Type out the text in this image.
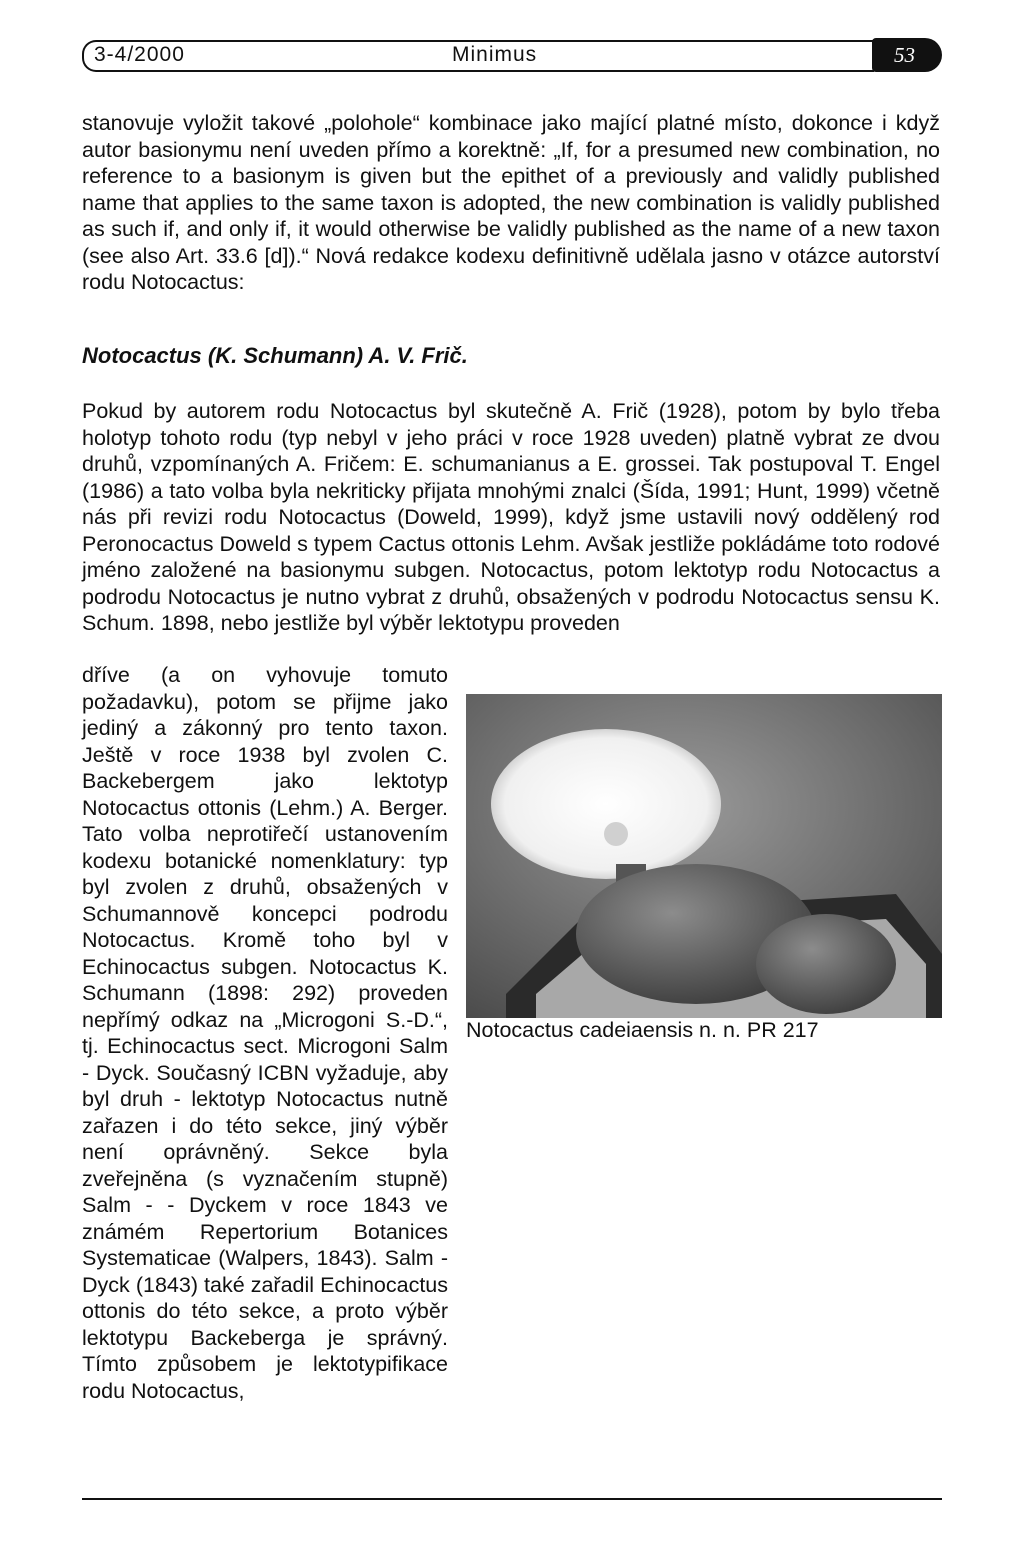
3-4/2000	Minimus	53
stanovuje vyložit takové „polohole“ kombinace jako mající platné místo, dokonce i když autor basionymu není uveden přímo a korektně: „If, for a presumed new combination, no reference to a basionym is given but the epithet of a previously and validly published name that applies to the same taxon is adopted, the new combination is validly published as such if, and only if, it would otherwise be validly published as the name of a new taxon (see also Art. 33.6 [d]).“ Nová redakce kodexu definitivně udělala jasno v otázce autorství rodu Notocactus:
Notocactus (K. Schumann) A. V. Frič.
Pokud by autorem rodu Notocactus byl skutečně A. Frič (1928), potom by bylo třeba holotyp tohoto rodu (typ nebyl v jeho práci v roce 1928 uveden) platně vybrat ze dvou druhů, vzpomínaných A. Fričem: E. schumanianus a E. grossei. Tak postupoval T. Engel (1986) a tato volba byla nekriticky přijata mnohými znalci (Šída, 1991; Hunt, 1999) včetně nás při revizi rodu Notocactus (Doweld, 1999), když jsme ustavili nový oddělený rod Peronocactus Doweld s typem Cactus ottonis Lehm. Avšak jestliže pokládáme toto rodové jméno založené na basionymu subgen. Notocactus, potom lektotyp rodu Notocactus a podrodu Notocactus je nutno vybrat z druhů, obsažených v podrodu Notocactus sensu K. Schum. 1898, nebo jestliže byl výběr lektotypu proveden
dříve (a on vyhovuje tomuto požadavku), potom se přijme jako jediný a zákonný pro tento taxon. Ještě v roce 1938 byl zvolen C. Backebergem jako lektotyp Notocactus ottonis (Lehm.) A. Berger. Tato volba neprotiřečí ustanovením kodexu botanické nomenklatury: typ byl zvolen z druhů, obsažených v Schumannově koncepci podrodu Notocactus. Kromě toho byl v Echinocactus subgen. Notocactus K. Schumann (1898: 292) proveden nepřímý odkaz na „Microgoni S.-D.“, tj. Echinocactus sect. Microgoni Salm - Dyck. Současný ICBN vyžaduje, aby byl druh - lektotyp Notocactus nutně zařazen i do této sekce, jiný výběr není oprávněný. Sekce byla zveřejněna (s vyznačením stupně) Salm - - Dyckem v roce 1843 ve známém Repertorium Botanices Systematicae (Walpers, 1843). Salm - Dyck (1843) také zařadil Echinocactus ottonis do této sekce, a proto výběr lektotypu Backeberga je správný. Tímto způsobem je lektotypifikace rodu Notocactus,
Notocactus cadeiaensis n. n. PR 217
